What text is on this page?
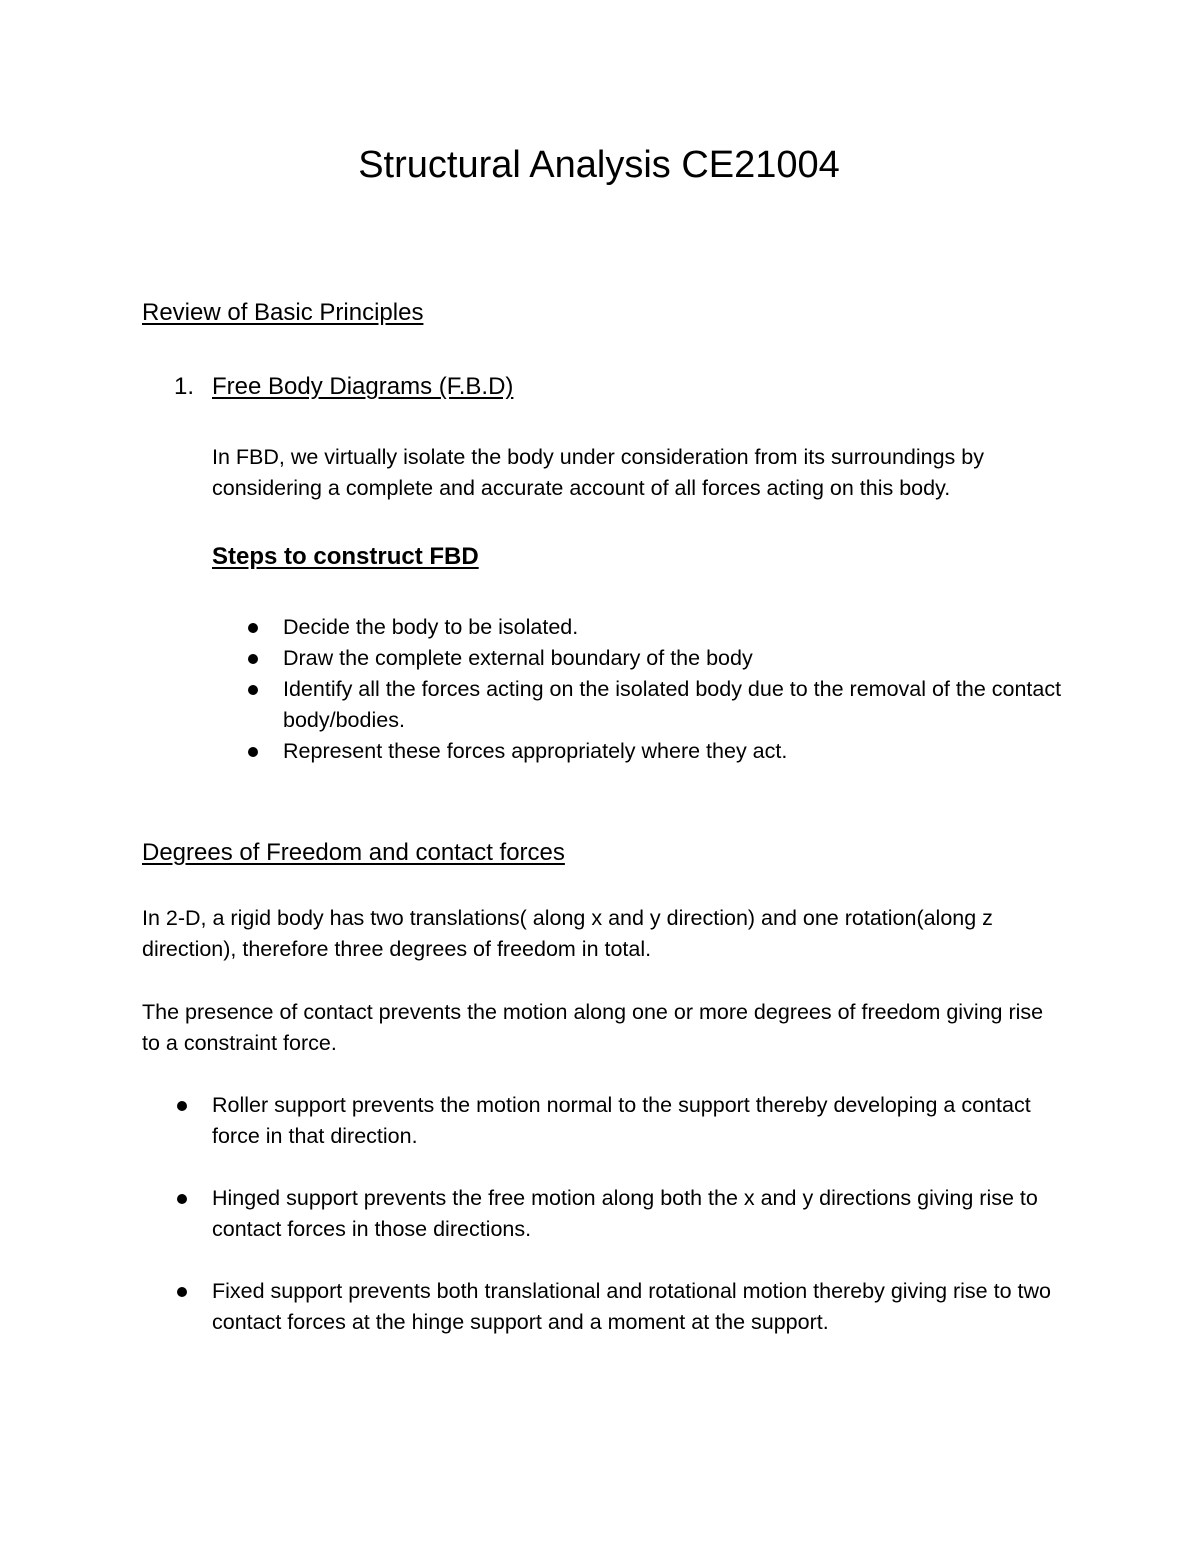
Structural Analysis CE21004
Review of Basic Principles
1. Free Body Diagrams (F.B.D)

In FBD, we virtually isolate the body under consideration from its surroundings by considering a complete and accurate account of all forces acting on this body.

Steps to construct FBD
Decide the body to be isolated.
Draw the complete external boundary of the body
Identify all the forces acting on the isolated body due to the removal of the contact body/bodies.
Represent these forces appropriately where they act.
Degrees of Freedom and contact forces

In 2-D, a rigid body has two translations( along x and y direction) and one rotation(along z direction), therefore three degrees of freedom in total.

The presence of contact prevents the motion along one or more degrees of freedom giving rise to a constraint force.

Roller support prevents the motion normal to the support thereby developing a contact force in that direction.
Hinged support prevents the free motion along both the x and y directions giving rise to contact forces in those directions.
Fixed support prevents both translational and rotational motion thereby giving rise to two contact forces at the hinge support and a moment at the support.
